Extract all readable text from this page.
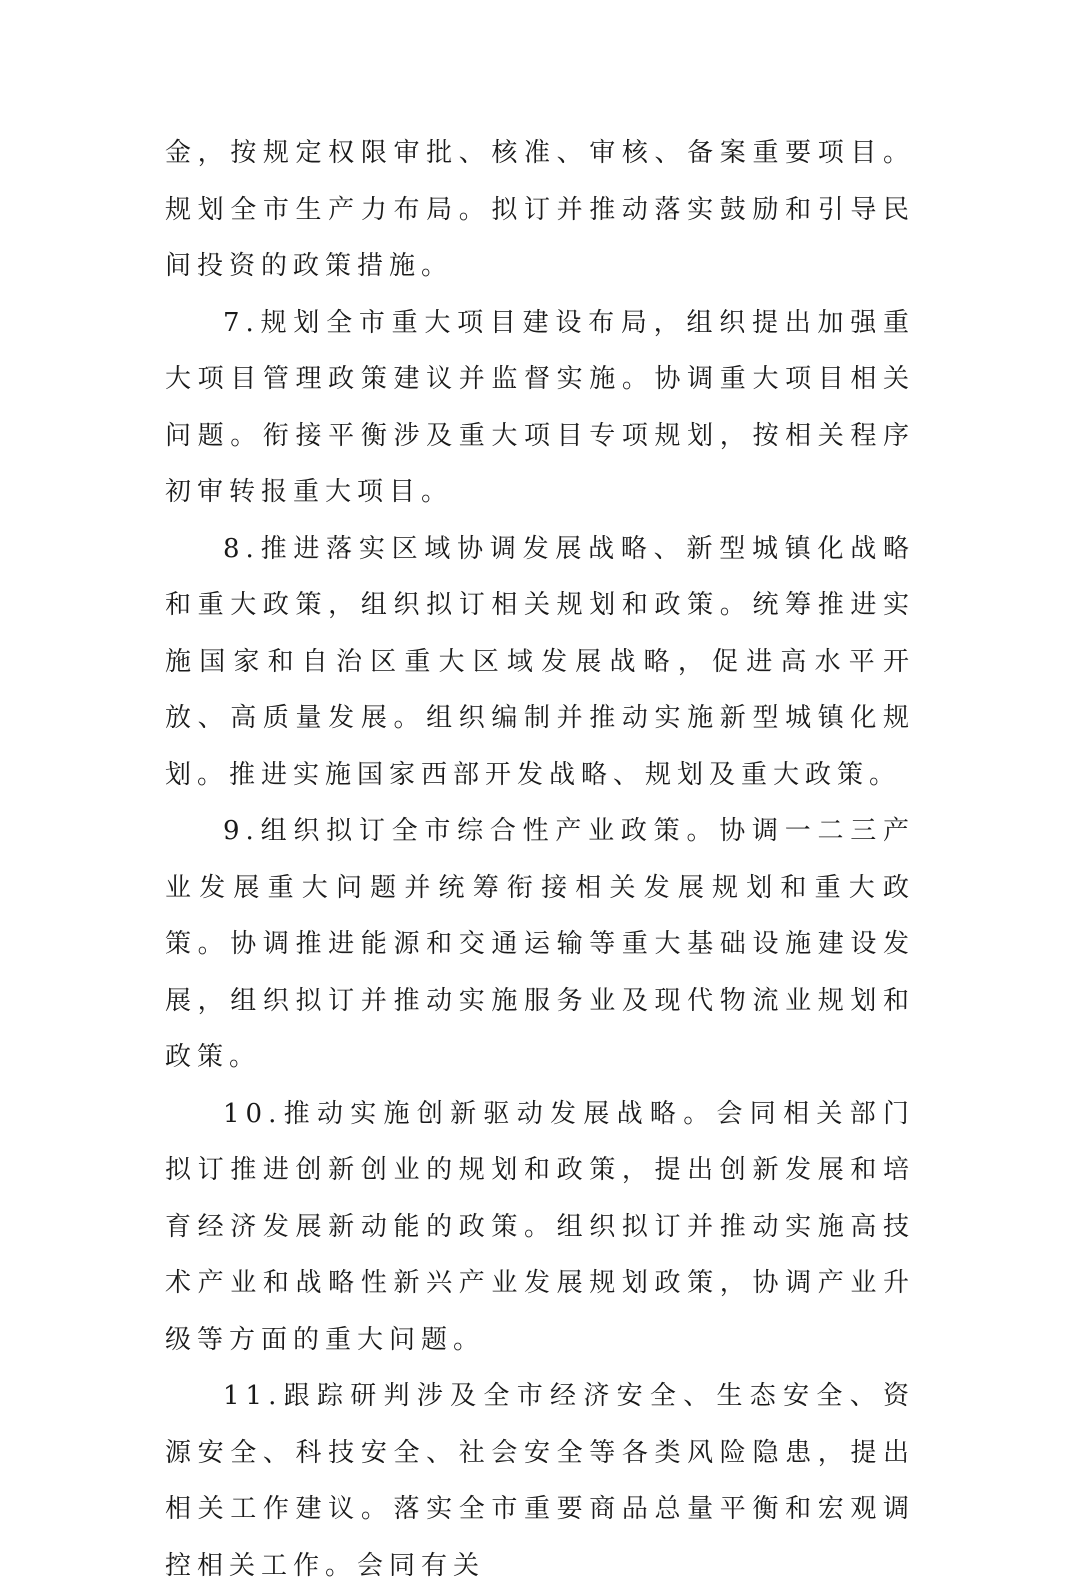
金，按规定权限审批、核准、审核、备案重要项目。规划全市生产力布局。拟订并推动落实鼓励和引导民间投资的政策措施。

7.规划全市重大项目建设布局，组织提出加强重大项目管理政策建议并监督实施。协调重大项目相关问题。衔接平衡涉及重大项目专项规划，按相关程序初审转报重大项目。

8.推进落实区域协调发展战略、新型城镇化战略和重大政策，组织拟订相关规划和政策。统筹推进实施国家和自治区重大区域发展战略，促进高水平开放、高质量发展。组织编制并推动实施新型城镇化规划。推进实施国家西部开发战略、规划及重大政策。

9.组织拟订全市综合性产业政策。协调一二三产业发展重大问题并统筹衔接相关发展规划和重大政策。协调推进能源和交通运输等重大基础设施建设发展，组织拟订并推动实施服务业及现代物流业规划和政策。

10.推动实施创新驱动发展战略。会同相关部门拟订推进创新创业的规划和政策，提出创新发展和培育经济发展新动能的政策。组织拟订并推动实施高技术产业和战略性新兴产业发展规划政策，协调产业升级等方面的重大问题。

11.跟踪研判涉及全市经济安全、生态安全、资源安全、科技安全、社会安全等各类风险隐患，提出相关工作建议。落实全市重要商品总量平衡和宏观调控相关工作。会同有关
